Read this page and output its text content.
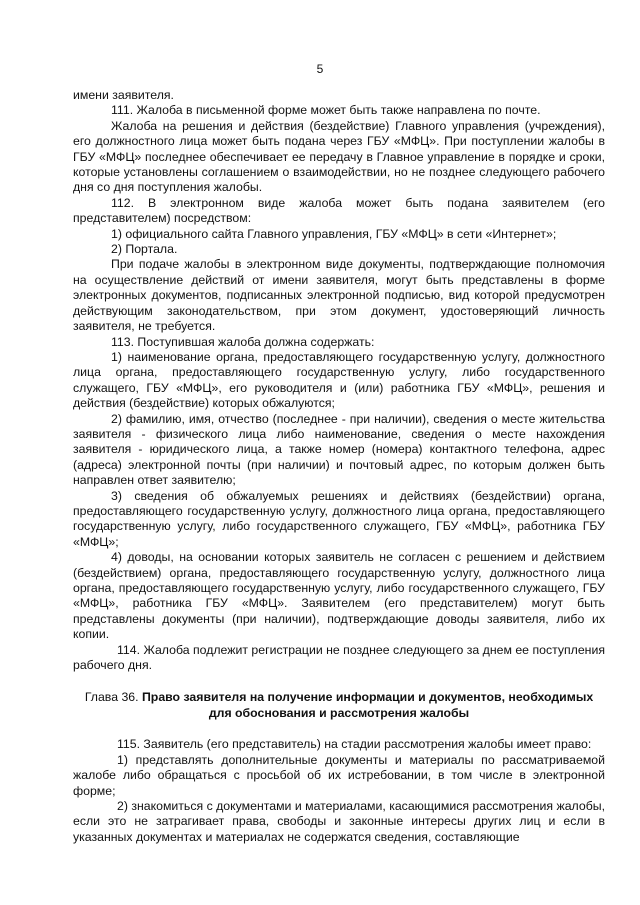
5

имени заявителя.

111. Жалоба в письменной форме может быть также направлена по почте.

Жалоба на решения и действия (бездействие) Главного управления (учреждения), его должностного лица может быть подана через ГБУ «МФЦ». При поступлении жалобы в ГБУ «МФЦ» последнее обеспечивает ее передачу в Главное управление в порядке и сроки, которые установлены соглашением о взаимодействии, но не позднее следующего рабочего дня со дня поступления жалобы.

112. В электронном виде жалоба может быть подана заявителем (его представителем) посредством:

1) официального сайта Главного управления, ГБУ «МФЦ» в сети «Интернет»;

2) Портала.

При подаче жалобы в электронном виде документы, подтверждающие полномочия на осуществление действий от имени заявителя, могут быть представлены в форме электронных документов, подписанных электронной подписью, вид которой предусмотрен действующим законодательством, при этом документ, удостоверяющий личность заявителя, не требуется.

113. Поступившая жалоба должна содержать:

1) наименование органа, предоставляющего государственную услугу, должностного лица органа, предоставляющего государственную услугу, либо государственного служащего, ГБУ «МФЦ», его руководителя и (или) работника ГБУ «МФЦ», решения и действия (бездействие) которых обжалуются;

2) фамилию, имя, отчество (последнее - при наличии), сведения о месте жительства заявителя - физического лица либо наименование, сведения о месте нахождения заявителя - юридического лица, а также номер (номера) контактного телефона, адрес (адреса) электронной почты (при наличии) и почтовый адрес, по которым должен быть направлен ответ заявителю;

3) сведения об обжалуемых решениях и действиях (бездействии) органа, предоставляющего государственную услугу, должностного лица органа, предоставляющего государственную услугу, либо государственного служащего, ГБУ «МФЦ», работника ГБУ «МФЦ»;

4) доводы, на основании которых заявитель не согласен с решением и действием (бездействием) органа, предоставляющего государственную услугу, должностного лица органа, предоставляющего государственную услугу, либо государственного служащего, ГБУ «МФЦ», работника ГБУ «МФЦ». Заявителем (его представителем) могут быть представлены документы (при наличии), подтверждающие доводы заявителя, либо их копии.

114. Жалоба подлежит регистрации не позднее следующего за днем ее поступления рабочего дня.

Глава 36. Право заявителя на получение информации и документов, необходимых для обоснования и рассмотрения жалобы

115. Заявитель (его представитель) на стадии рассмотрения жалобы имеет право:

1) представлять дополнительные документы и материалы по рассматриваемой жалобе либо обращаться с просьбой об их истребовании, в том числе в электронной форме;

2) знакомиться с документами и материалами, касающимися рассмотрения жалобы, если это не затрагивает права, свободы и законные интересы других лиц и если в указанных документах и материалах не содержатся сведения, составляющие
